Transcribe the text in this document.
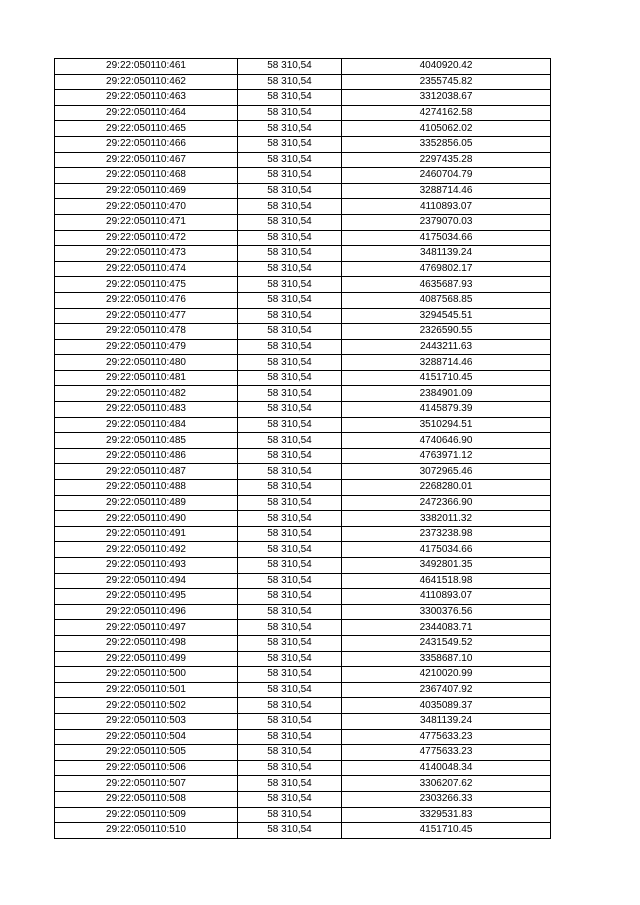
29:22:050110:461	58 310,54	4040920.42
29:22:050110:462	58 310,54	2355745.82
29:22:050110:463	58 310,54	3312038.67
29:22:050110:464	58 310,54	4274162.58
29:22:050110:465	58 310,54	4105062.02
29:22:050110:466	58 310,54	3352856.05
29:22:050110:467	58 310,54	2297435.28
29:22:050110:468	58 310,54	2460704.79
29:22:050110:469	58 310,54	3288714.46
29:22:050110:470	58 310,54	4110893.07
29:22:050110:471	58 310,54	2379070.03
29:22:050110:472	58 310,54	4175034.66
29:22:050110:473	58 310,54	3481139.24
29:22:050110:474	58 310,54	4769802.17
29:22:050110:475	58 310,54	4635687.93
29:22:050110:476	58 310,54	4087568.85
29:22:050110:477	58 310,54	3294545.51
29:22:050110:478	58 310,54	2326590.55
29:22:050110:479	58 310,54	2443211.63
29:22:050110:480	58 310,54	3288714.46
29:22:050110:481	58 310,54	4151710.45
29:22:050110:482	58 310,54	2384901.09
29:22:050110:483	58 310,54	4145879.39
29:22:050110:484	58 310,54	3510294.51
29:22:050110:485	58 310,54	4740646.90
29:22:050110:486	58 310,54	4763971.12
29:22:050110:487	58 310,54	3072965.46
29:22:050110:488	58 310,54	2268280.01
29:22:050110:489	58 310,54	2472366.90
29:22:050110:490	58 310,54	3382011.32
29:22:050110:491	58 310,54	2373238.98
29:22:050110:492	58 310,54	4175034.66
29:22:050110:493	58 310,54	3492801.35
29:22:050110:494	58 310,54	4641518.98
29:22:050110:495	58 310,54	4110893.07
29:22:050110:496	58 310,54	3300376.56
29:22:050110:497	58 310,54	2344083.71
29:22:050110:498	58 310,54	2431549.52
29:22:050110:499	58 310,54	3358687.10
29:22:050110:500	58 310,54	4210020.99
29:22:050110:501	58 310,54	2367407.92
29:22:050110:502	58 310,54	4035089.37
29:22:050110:503	58 310,54	3481139.24
29:22:050110:504	58 310,54	4775633.23
29:22:050110:505	58 310,54	4775633.23
29:22:050110:506	58 310,54	4140048.34
29:22:050110:507	58 310,54	3306207.62
29:22:050110:508	58 310,54	2303266.33
29:22:050110:509	58 310,54	3329531.83
29:22:050110:510	58 310,54	4151710.45
